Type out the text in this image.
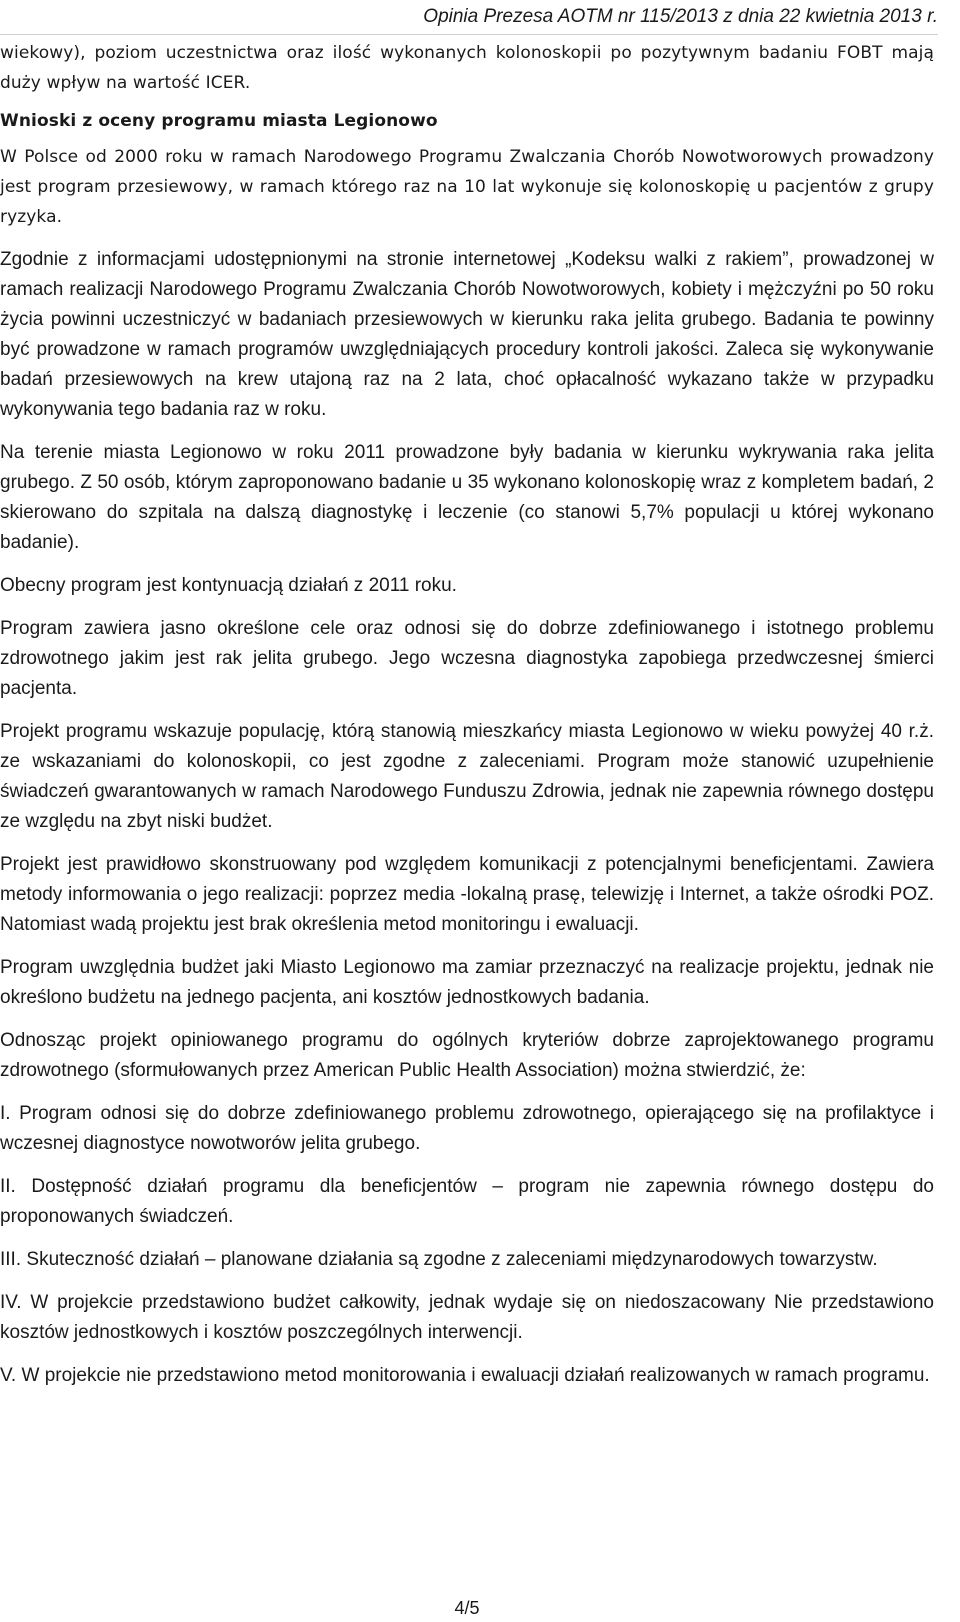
Opinia Prezesa AOTM nr 115/2013 z dnia 22 kwietnia 2013 r.

wiekowy), poziom uczestnictwa oraz ilość wykonanych kolonoskopii po pozytywnym badaniu FOBT mają duży wpływ na wartość ICER.

Wnioski z oceny programu miasta Legionowo

W Polsce od 2000 roku w ramach Narodowego Programu Zwalczania Chorób Nowotworowych prowadzony jest program przesiewowy, w ramach którego raz na 10 lat wykonuje się kolonoskopię u pacjentów z grupy ryzyka.

Zgodnie z informacjami udostępnionymi na stronie internetowej „Kodeksu walki z rakiem”, prowadzonej w ramach realizacji Narodowego Programu Zwalczania Chorób Nowotworowych, kobiety i mężczyźni po 50 roku życia powinni uczestniczyć w badaniach przesiewowych w kierunku raka jelita grubego. Badania te powinny być prowadzone w ramach programów uwzględniających procedury kontroli jakości. Zaleca się wykonywanie badań przesiewowych na krew utajoną raz na 2 lata, choć opłacalność wykazano także w przypadku wykonywania tego badania raz w roku.

Na terenie miasta Legionowo w roku 2011 prowadzone były badania w kierunku wykrywania raka jelita grubego. Z 50 osób, którym zaproponowano badanie u 35 wykonano kolonoskopię wraz z kompletem badań, 2 skierowano do szpitala na dalszą diagnostykę i leczenie (co stanowi 5,7% populacji u której wykonano badanie).

Obecny program jest kontynuacją działań z 2011 roku.

Program zawiera jasno określone cele oraz odnosi się do dobrze zdefiniowanego i istotnego problemu zdrowotnego jakim jest rak jelita grubego. Jego wczesna diagnostyka zapobiega przedwczesnej śmierci pacjenta.

Projekt programu wskazuje populację, którą stanowią mieszkańcy miasta Legionowo w wieku powyżej 40 r.ż. ze wskazaniami do kolonoskopii, co jest zgodne z zaleceniami. Program może stanowić uzupełnienie świadczeń gwarantowanych w ramach Narodowego Funduszu Zdrowia, jednak nie zapewnia równego dostępu ze względu na zbyt niski budżet.

Projekt jest prawidłowo skonstruowany pod względem komunikacji z potencjalnymi beneficjentami. Zawiera metody informowania o jego realizacji: poprzez media -lokalną prasę, telewizję i Internet, a także ośrodki POZ. Natomiast wadą projektu jest brak określenia metod monitoringu i ewaluacji.

Program uwzględnia budżet jaki Miasto Legionowo ma zamiar przeznaczyć na realizacje projektu, jednak nie określono budżetu na jednego pacjenta, ani kosztów jednostkowych badania.

Odnosząc projekt opiniowanego programu do ogólnych kryteriów dobrze zaprojektowanego programu zdrowotnego (sformułowanych przez American Public Health Association) można stwierdzić, że:

I. Program odnosi się do dobrze zdefiniowanego problemu zdrowotnego, opierającego się na profilaktyce i wczesnej diagnostyce nowotworów jelita grubego.

II. Dostępność działań programu dla beneficjentów – program nie zapewnia równego dostępu do proponowanych świadczeń.

III. Skuteczność działań – planowane działania są zgodne z zaleceniami międzynarodowych towarzystw.

IV. W projekcie przedstawiono budżet całkowity, jednak wydaje się on niedoszacowany Nie przedstawiono kosztów jednostkowych i kosztów poszczególnych interwencji.

V. W projekcie nie przedstawiono metod monitorowania i ewaluacji działań realizowanych w ramach programu.

4/5
